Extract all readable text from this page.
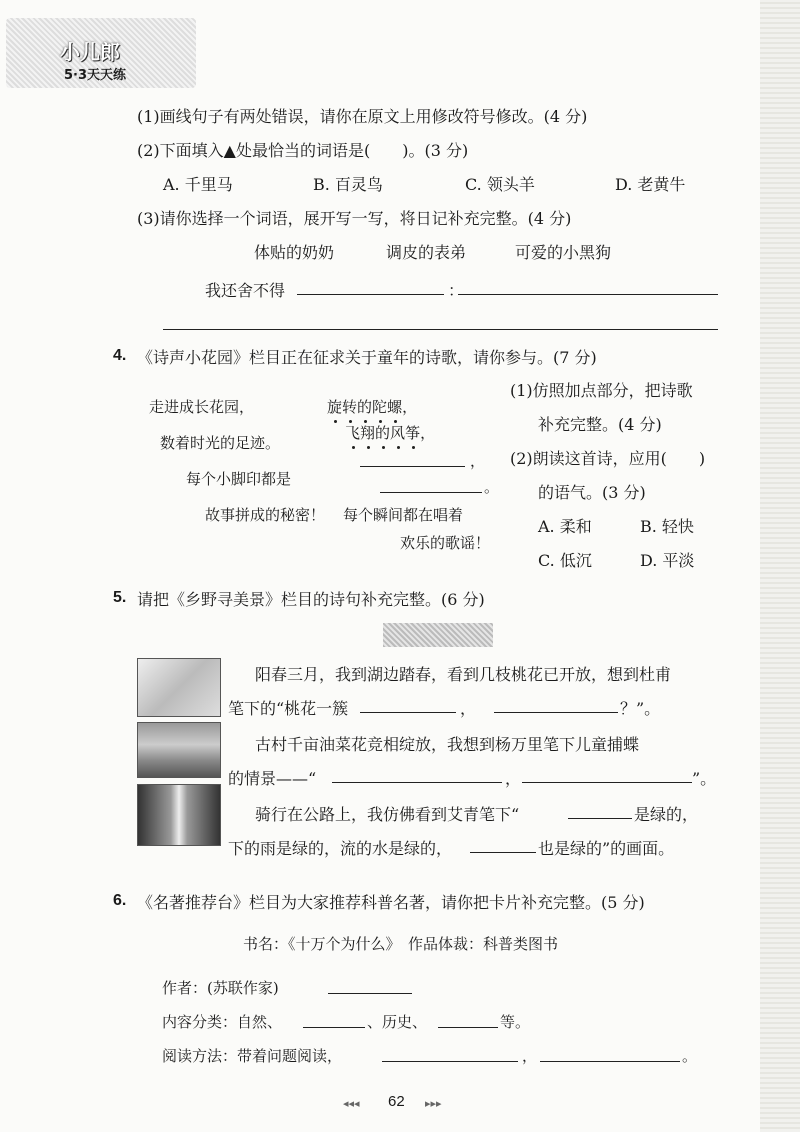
小儿郎
5·3天天练
(1)画线句子有两处错误，请你在原文上用修改符号修改。(4 分)
(2)下面填入▲处最恰当的词语是(　　)。(3 分)
A. 千里马	B. 百灵鸟	C. 领头羊	D. 老黄牛
(3)请你选择一个词语，展开写一写，将日记补充完整。(4 分)
体贴的奶奶	调皮的表弟	可爱的小黑狗
我还舍不得	：
4. 《诗声小花园》栏目正在征求关于童年的诗歌，请你参与。(7 分)
走进成长花园，
数着时光的足迹。
每个小脚印都是
故事拼成的秘密！
旋转的陀螺，
飞翔的风筝，
，
。
每个瞬间都在唱着
欢乐的歌谣！
(1)仿照加点部分，把诗歌
补充完整。(4 分)
(2)朗读这首诗，应用(　　)
的语气。(3 分)
A. 柔和	B. 轻快
C. 低沉	D. 平淡
5. 请把《乡野寻美景》栏目的诗句补充完整。(6 分)
阳春三月，我到湖边踏春，看到几枝桃花已开放，想到杜甫
笔下的“桃花一簇	，	？”。
古村千亩油菜花竞相绽放，我想到杨万里笔下儿童捕蝶
的情景——“	，	”。
骑行在公路上，我仿佛看到艾青笔下“	是绿的，
下的雨是绿的，流的水是绿的，	也是绿的”的画面。
6. 《名著推荐台》栏目为大家推荐科普名著，请你把卡片补充完整。(5 分)
书名：《十万个为什么》　作品体裁：科普类图书
作者：(苏联作家)
内容分类：自然、	、历史、	等。
阅读方法：带着问题阅读，	，	。
◂◂◂ 62 ▸▸▸
